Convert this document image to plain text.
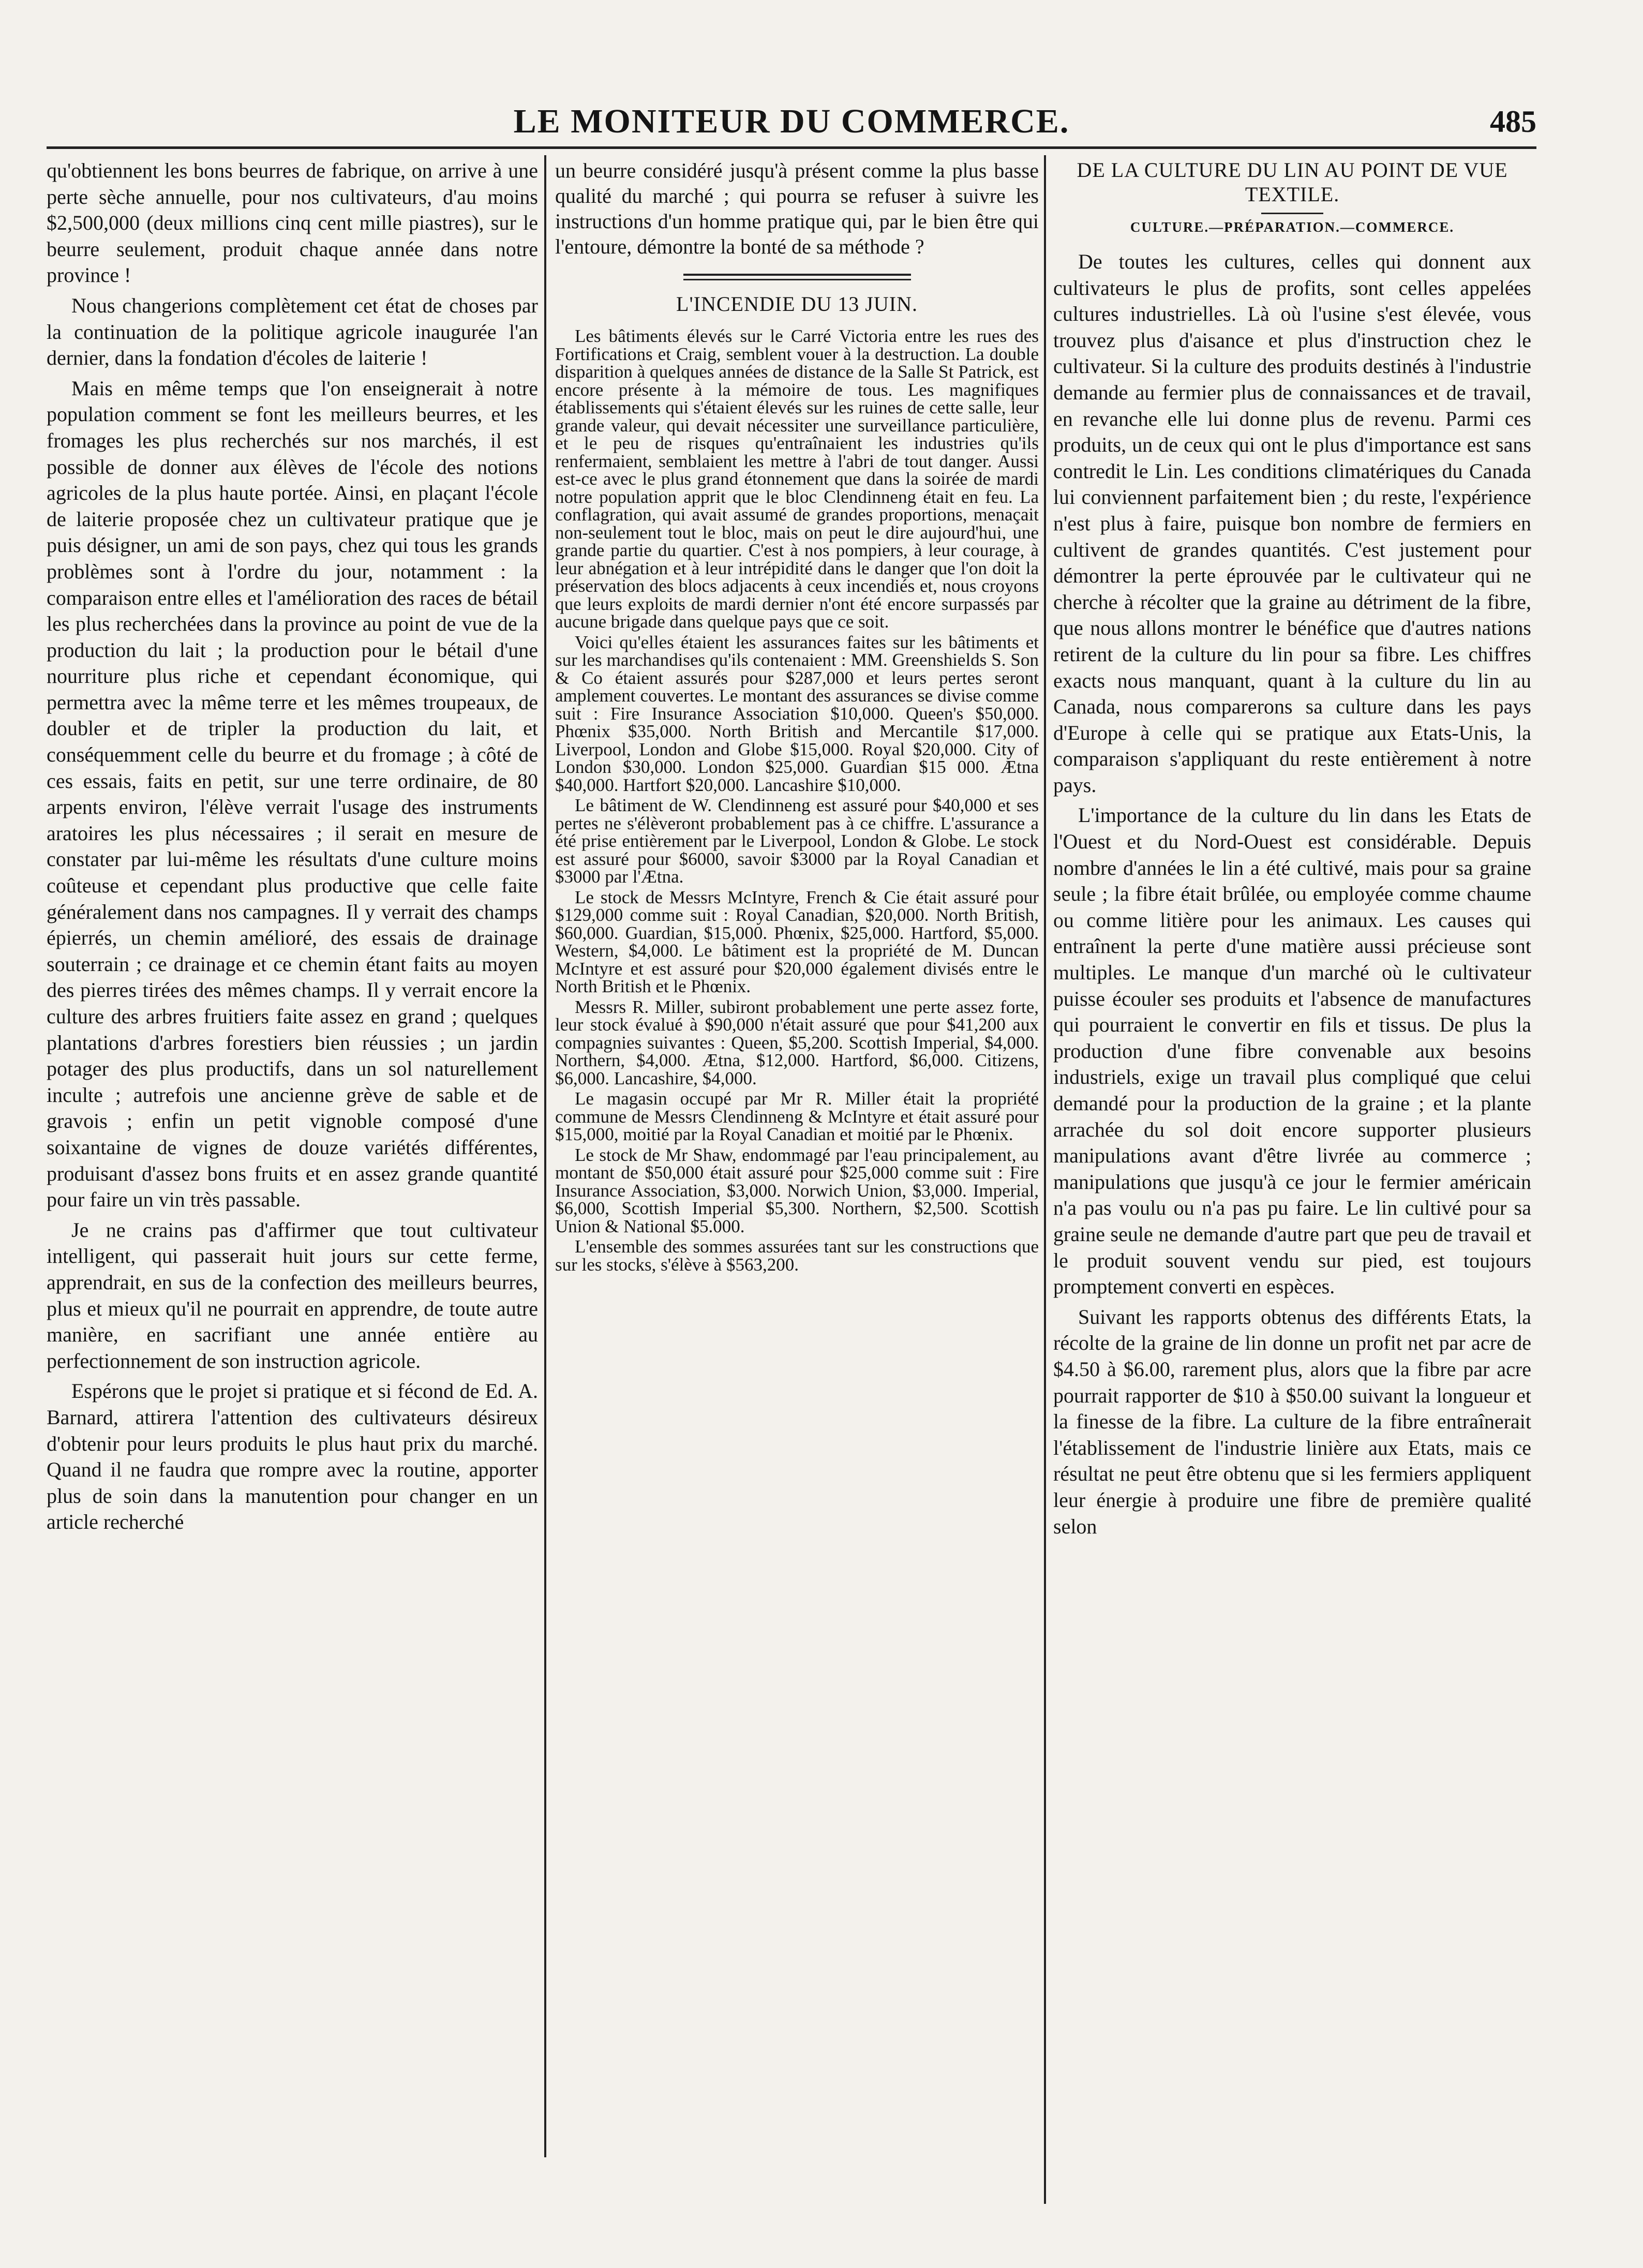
LE MONITEUR DU COMMERCE.	485

qu'obtiennent les bons beurres de fabrique, on arrive à une perte sèche annuelle, pour nos cultivateurs, d'au moins $2,500,000 (deux millions cinq cent mille piastres), sur le beurre seulement, produit chaque année dans notre province !

Nous changerions complètement cet état de choses par la continuation de la politique agricole inaugurée l'an dernier, dans la fondation d'écoles de laiterie !

Mais en même temps que l'on enseignerait à notre population comment se font les meilleurs beurres, et les fromages les plus recherchés sur nos marchés, il est possible de donner aux élèves de l'école des notions agricoles de la plus haute portée. Ainsi, en plaçant l'école de laiterie proposée chez un cultivateur pratique que je puis désigner, un ami de son pays, chez qui tous les grands problèmes sont à l'ordre du jour, notamment : la comparaison entre elles et l'amélioration des races de bétail les plus recherchées dans la province au point de vue de la production du lait ; la production pour le bétail d'une nourriture plus riche et cependant économique, qui permettra avec la même terre et les mêmes troupeaux, de doubler et de tripler la production du lait, et conséquemment celle du beurre et du fromage ; à côté de ces essais, faits en petit, sur une terre ordinaire, de 80 arpents environ, l'élève verrait l'usage des instruments aratoires les plus nécessaires ; il serait en mesure de constater par lui-même les résultats d'une culture moins coûteuse et cependant plus productive que celle faite généralement dans nos campagnes. Il y verrait des champs épierrés, un chemin amélioré, des essais de drainage souterrain ; ce drainage et ce chemin étant faits au moyen des pierres tirées des mêmes champs. Il y verrait encore la culture des arbres fruitiers faite assez en grand ; quelques plantations d'arbres forestiers bien réussies ; un jardin potager des plus productifs, dans un sol naturellement inculte ; autrefois une ancienne grève de sable et de gravois ; enfin un petit vignoble composé d'une soixantaine de vignes de douze variétés différentes, produisant d'assez bons fruits et en assez grande quantité pour faire un vin très passable.

Je ne crains pas d'affirmer que tout cultivateur intelligent, qui passerait huit jours sur cette ferme, apprendrait, en sus de la confection des meilleurs beurres, plus et mieux qu'il ne pourrait en apprendre, de toute autre manière, en sacrifiant une année entière au perfectionnement de son instruction agricole.

Espérons que le projet si pratique et si fécond de Ed. A. Barnard, attirera l'attention des cultivateurs désireux d'obtenir pour leurs produits le plus haut prix du marché. Quand il ne faudra que rompre avec la routine, apporter plus de soin dans la manutention pour changer en un article recherché

un beurre considéré jusqu'à présent comme la plus basse qualité du marché ; qui pourra se refuser à suivre les instructions d'un homme pratique qui, par le bien être qui l'entoure, démontre la bonté de sa méthode ?

L'INCENDIE DU 13 JUIN.

Les bâtiments élevés sur le Carré Victoria entre les rues des Fortifications et Craig, semblent vouer à la destruction. La double disparition à quelques années de distance de la Salle St Patrick, est encore présente à la mémoire de tous. Les magnifiques établissements qui s'étaient élevés sur les ruines de cette salle, leur grande valeur, qui devait nécessiter une surveillance particulière, et le peu de risques qu'entraînaient les industries qu'ils renfermaient, semblaient les mettre à l'abri de tout danger. Aussi est-ce avec le plus grand étonnement que dans la soirée de mardi notre population apprit que le bloc Clendinneng était en feu. La conflagration, qui avait assumé de grandes proportions, menaçait non-seulement tout le bloc, mais on peut le dire aujourd'hui, une grande partie du quartier. C'est à nos pompiers, à leur courage, à leur abnégation et à leur intrépidité dans le danger que l'on doit la préservation des blocs adjacents à ceux incendiés et, nous croyons que leurs exploits de mardi dernier n'ont été encore surpassés par aucune brigade dans quelque pays que ce soit.

Voici qu'elles étaient les assurances faites sur les bâtiments et sur les marchandises qu'ils contenaient : MM. Greenshields S. Son & Co étaient assurés pour $287,000 et leurs pertes seront amplement couvertes. Le montant des assurances se divise comme suit : Fire Insurance Association $10,000. Queen's $50,000. Phœnix $35,000. North British and Mercantile $17,000. Liverpool, London and Globe $15,000. Royal $20,000. City of London $30,000. London $25,000. Guardian $15 000. Ætna $40,000. Hartfort $20,000. Lancashire $10,000.

Le bâtiment de W. Clendinneng est assuré pour $40,000 et ses pertes ne s'élèveront probablement pas à ce chiffre. L'assurance a été prise entièrement par le Liverpool, London & Globe. Le stock est assuré pour $6000, savoir $3000 par la Royal Canadian et $3000 par l'Ætna.

Le stock de Messrs McIntyre, French & Cie était assuré pour $129,000 comme suit : Royal Canadian, $20,000. North British, $60,000. Guardian, $15,000. Phœnix, $25,000. Hartford, $5,000. Western, $4,000. Le bâtiment est la propriété de M. Duncan McIntyre et est assuré pour $20,000 également divisés entre le North British et le Phœnix.

Messrs R. Miller, subiront probablement une perte assez forte, leur stock évalué à $90,000 n'était assuré que pour $41,200 aux compagnies suivantes : Queen, $5,200. Scottish Imperial, $4,000. Northern, $4,000. Ætna, $12,000. Hartford, $6,000. Citizens, $6,000. Lancashire, $4,000.

Le magasin occupé par Mr R. Miller était la propriété commune de Messrs Clendinneng & McIntyre et était assuré pour $15,000, moitié par la Royal Canadian et moitié par le Phœnix.

Le stock de Mr Shaw, endommagé par l'eau principalement, au montant de $50,000 était assuré pour $25,000 comme suit : Fire Insurance Association, $3,000. Norwich Union, $3,000. Imperial, $6,000, Scottish Imperial $5,300. Northern, $2,500. Scottish Union & National $5.000.

L'ensemble des sommes assurées tant sur les constructions que sur les stocks, s'élève à $563,200.

DE LA CULTURE DU LIN AU POINT DE VUE TEXTILE.
CULTURE.—PRÉPARATION.—COMMERCE.

De toutes les cultures, celles qui donnent aux cultivateurs le plus de profits, sont celles appelées cultures industrielles. Là où l'usine s'est élevée, vous trouvez plus d'aisance et plus d'instruction chez le cultivateur. Si la culture des produits destinés à l'industrie demande au fermier plus de connaissances et de travail, en revanche elle lui donne plus de revenu. Parmi ces produits, un de ceux qui ont le plus d'importance est sans contredit le Lin. Les conditions climatériques du Canada lui conviennent parfaitement bien ; du reste, l'expérience n'est plus à faire, puisque bon nombre de fermiers en cultivent de grandes quantités. C'est justement pour démontrer la perte éprouvée par le cultivateur qui ne cherche à récolter que la graine au détriment de la fibre, que nous allons montrer le bénéfice que d'autres nations retirent de la culture du lin pour sa fibre. Les chiffres exacts nous manquant, quant à la culture du lin au Canada, nous comparerons sa culture dans les pays d'Europe à celle qui se pratique aux Etats-Unis, la comparaison s'appliquant du reste entièrement à notre pays.

L'importance de la culture du lin dans les Etats de l'Ouest et du Nord-Ouest est considérable. Depuis nombre d'années le lin a été cultivé, mais pour sa graine seule ; la fibre était brûlée, ou employée comme chaume ou comme litière pour les animaux. Les causes qui entraînent la perte d'une matière aussi précieuse sont multiples. Le manque d'un marché où le cultivateur puisse écouler ses produits et l'absence de manufactures qui pourraient le convertir en fils et tissus. De plus la production d'une fibre convenable aux besoins industriels, exige un travail plus compliqué que celui demandé pour la production de la graine ; et la plante arrachée du sol doit encore supporter plusieurs manipulations avant d'être livrée au commerce ; manipulations que jusqu'à ce jour le fermier américain n'a pas voulu ou n'a pas pu faire. Le lin cultivé pour sa graine seule ne demande d'autre part que peu de travail et le produit souvent vendu sur pied, est toujours promptement converti en espèces.

Suivant les rapports obtenus des différents Etats, la récolte de la graine de lin donne un profit net par acre de $4.50 à $6.00, rarement plus, alors que la fibre par acre pourrait rapporter de $10 à $50.00 suivant la longueur et la finesse de la fibre. La culture de la fibre entraînerait l'établissement de l'industrie linière aux Etats, mais ce résultat ne peut être obtenu que si les fermiers appliquent leur énergie à produire une fibre de première qualité selon
